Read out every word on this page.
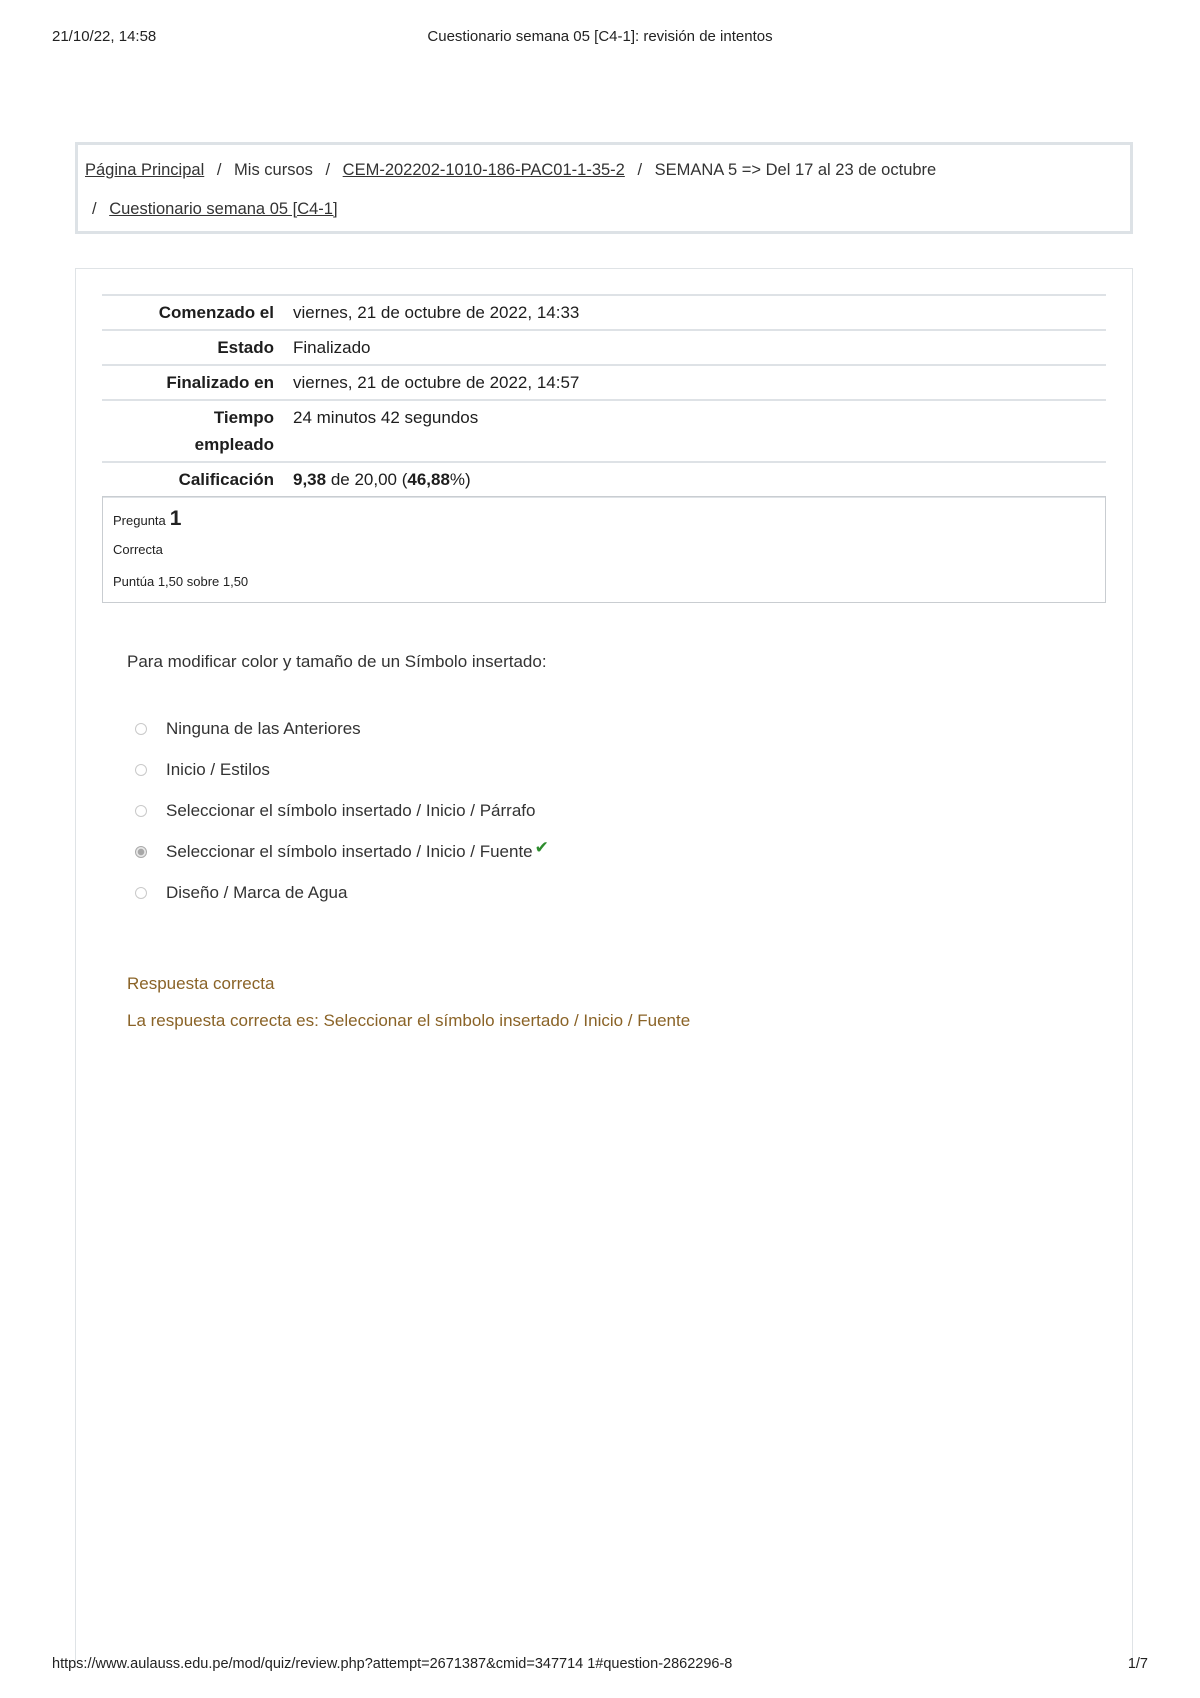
21/10/22, 14:58	Cuestionario semana 05 [C4-1]: revisión de intentos
Página Principal / Mis cursos / CEM-202202-1010-186-PAC01-1-35-2 / SEMANA 5 => Del 17 al 23 de octubre
/ Cuestionario semana 05 [C4-1]
Comenzado el	viernes, 21 de octubre de 2022, 14:33
Estado	Finalizado
Finalizado en	viernes, 21 de octubre de 2022, 14:57
Tiempo
empleado	24 minutos 42 segundos
Calificación	9,38 de 20,00 (46,88%)
Pregunta 1
Correcta
Puntúa 1,50 sobre 1,50
Para modificar color y tamaño de un Símbolo insertado:
Ninguna de las Anteriores
Inicio / Estilos
Seleccionar el símbolo insertado / Inicio / Párrafo
Seleccionar el símbolo insertado / Inicio / Fuente ✔
Diseño / Marca de Agua
Respuesta correcta
La respuesta correcta es: Seleccionar el símbolo insertado / Inicio / Fuente
https://www.aulauss.edu.pe/mod/quiz/review.php?attempt=2671387&cmid=347714 1#question-2862296-8	1/7
